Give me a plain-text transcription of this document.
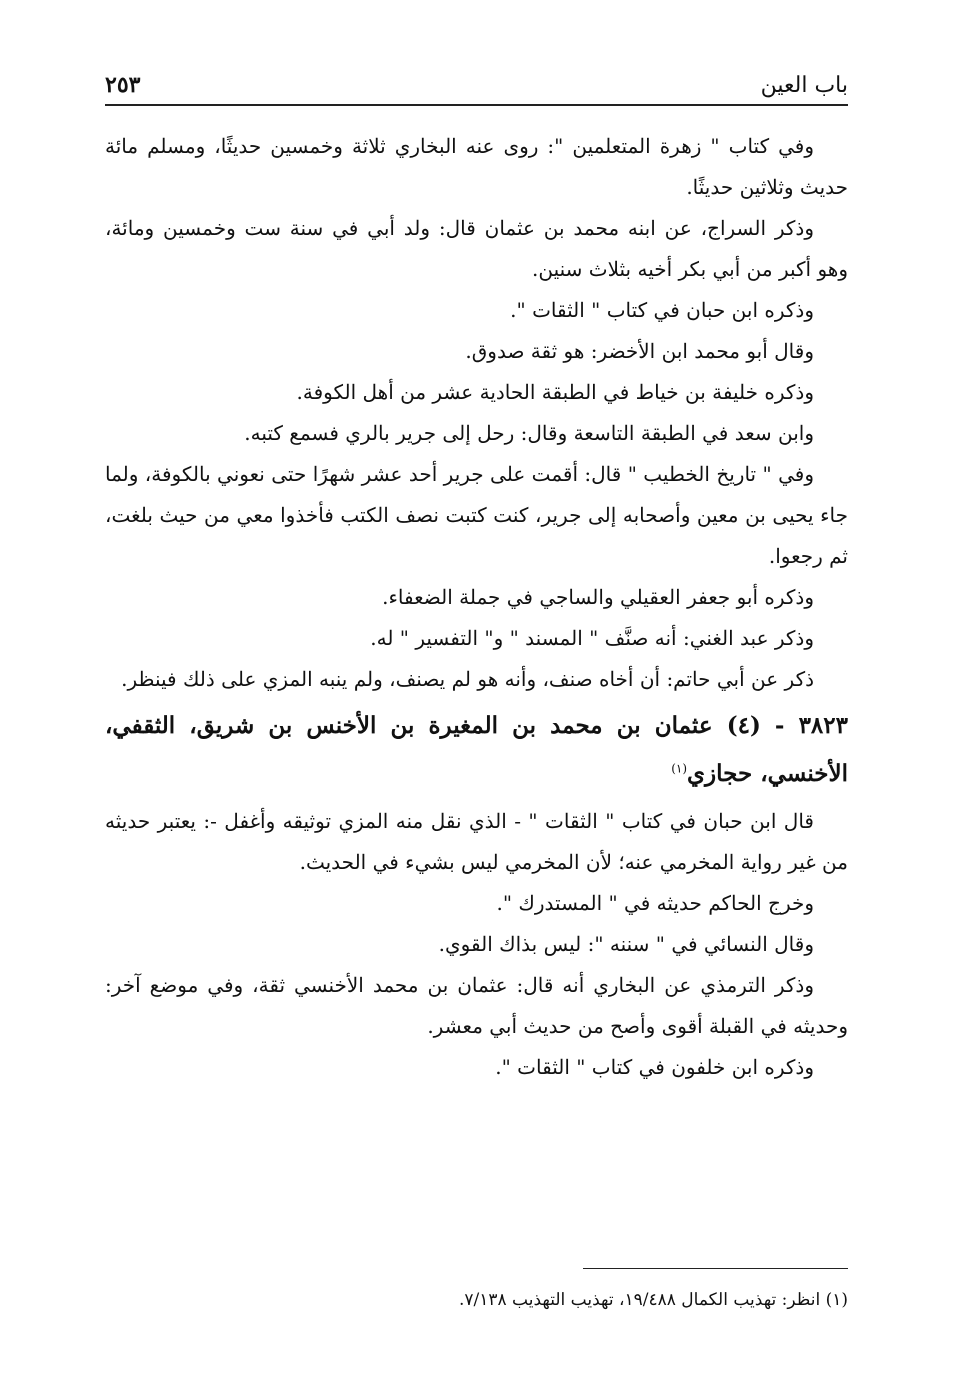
باب العين
٢٥٣

وفي كتاب " زهرة المتعلمين ": روى عنه البخاري ثلاثة وخمسين حديثًا، ومسلم مائة حديث وثلاثين حديثًا.

وذكر السراج، عن ابنه محمد بن عثمان قال: ولد أبي في سنة ست وخمسين ومائة، وهو أكبر من أبي بكر أخيه بثلاث سنين.

وذكره ابن حبان في كتاب " الثقات ".

وقال أبو محمد ابن الأخضر: هو ثقة صدوق.

وذكره خليفة بن خياط في الطبقة الحادية عشر من أهل الكوفة.

وابن سعد في الطبقة التاسعة وقال: رحل إلى جرير بالري فسمع كتبه.

وفي " تاريخ الخطيب " قال: أقمت على جرير أحد عشر شهرًا حتى نعوني بالكوفة، ولما جاء يحيى بن معين وأصحابه إلى جرير، كنت كتبت نصف الكتب فأخذوا معي من حيث بلغت، ثم رجعوا.

وذكره أبو جعفر العقيلي والساجي في جملة الضعفاء.

وذكر عبد الغني: أنه صنَّف " المسند " و" التفسير " له.

ذكر عن أبي حاتم: أن أخاه صنف، وأنه هو لم يصنف، ولم ينبه المزي على ذلك فينظر.

٣٨٢٣ - (٤) عثمان بن محمد بن المغيرة بن الأخنس بن شريق، الثقفي، الأخنسي، حجازي$^{(١)}$

قال ابن حبان في كتاب " الثقات " - الذي نقل منه المزي توثيقه وأغفل -: يعتبر حديثه من غير رواية المخرمي عنه؛ لأن المخرمي ليس بشيء في الحديث.

وخرج الحاكم حديثه في " المستدرك ".

وقال النسائي في " سننه ": ليس بذاك القوي.

وذكر الترمذي عن البخاري أنه قال: عثمان بن محمد الأخنسي ثقة، وفي موضع آخر: وحديثه في القبلة أقوى وأصح من حديث أبي معشر.

وذكره ابن خلفون في كتاب " الثقات ".

(١) انظر: تهذيب الكمال ١٩/٤٨٨، تهذيب التهذيب ٧/١٣٨.
